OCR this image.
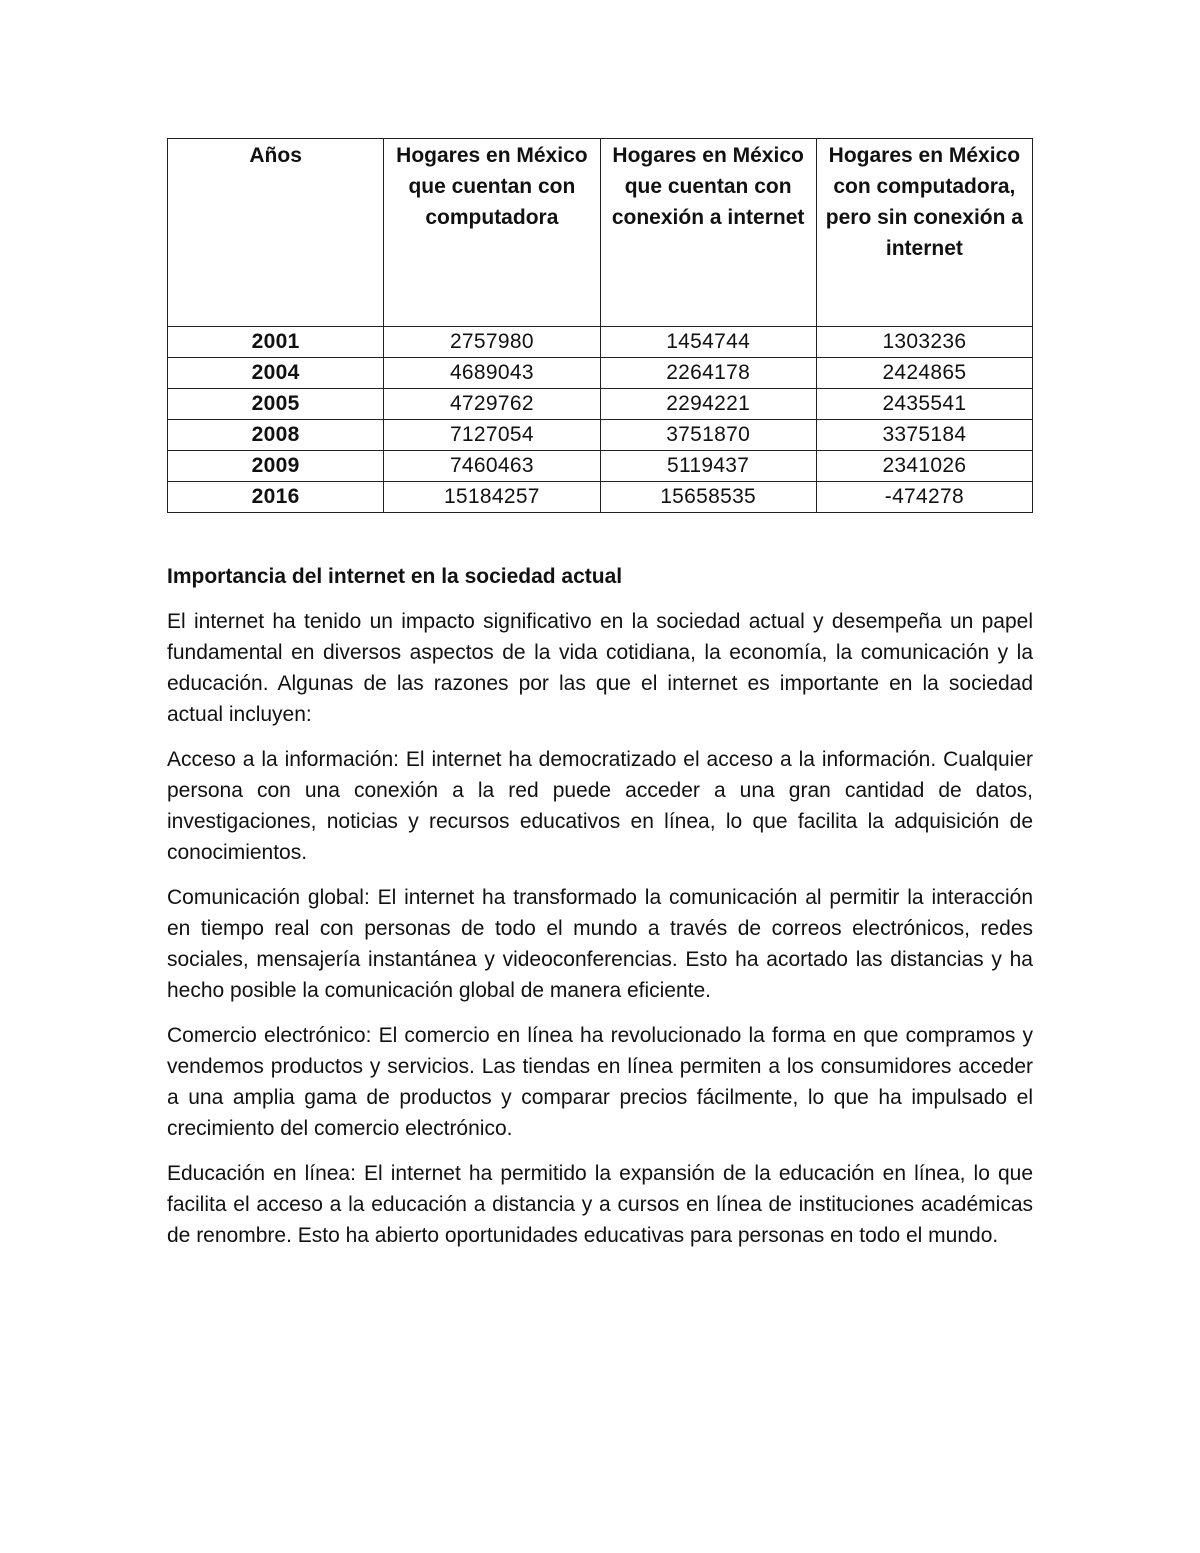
Años	Hogares en México que cuentan con computadora	Hogares en México que cuentan con conexión a internet	Hogares en México con computadora, pero sin conexión a internet
2001	2757980	1454744	1303236
2004	4689043	2264178	2424865
2005	4729762	2294221	2435541
2008	7127054	3751870	3375184
2009	7460463	5119437	2341026
2016	15184257	15658535	-474278
Importancia del internet en la sociedad actual

El internet ha tenido un impacto significativo en la sociedad actual y desempeña un papel fundamental en diversos aspectos de la vida cotidiana, la economía, la comunicación y la educación. Algunas de las razones por las que el internet es importante en la sociedad actual incluyen:

Acceso a la información: El internet ha democratizado el acceso a la información. Cualquier persona con una conexión a la red puede acceder a una gran cantidad de datos, investigaciones, noticias y recursos educativos en línea, lo que facilita la adquisición de conocimientos.

Comunicación global: El internet ha transformado la comunicación al permitir la interacción en tiempo real con personas de todo el mundo a través de correos electrónicos, redes sociales, mensajería instantánea y videoconferencias. Esto ha acortado las distancias y ha hecho posible la comunicación global de manera eficiente.

Comercio electrónico: El comercio en línea ha revolucionado la forma en que compramos y vendemos productos y servicios. Las tiendas en línea permiten a los consumidores acceder a una amplia gama de productos y comparar precios fácilmente, lo que ha impulsado el crecimiento del comercio electrónico.

Educación en línea: El internet ha permitido la expansión de la educación en línea, lo que facilita el acceso a la educación a distancia y a cursos en línea de instituciones académicas de renombre. Esto ha abierto oportunidades educativas para personas en todo el mundo.
